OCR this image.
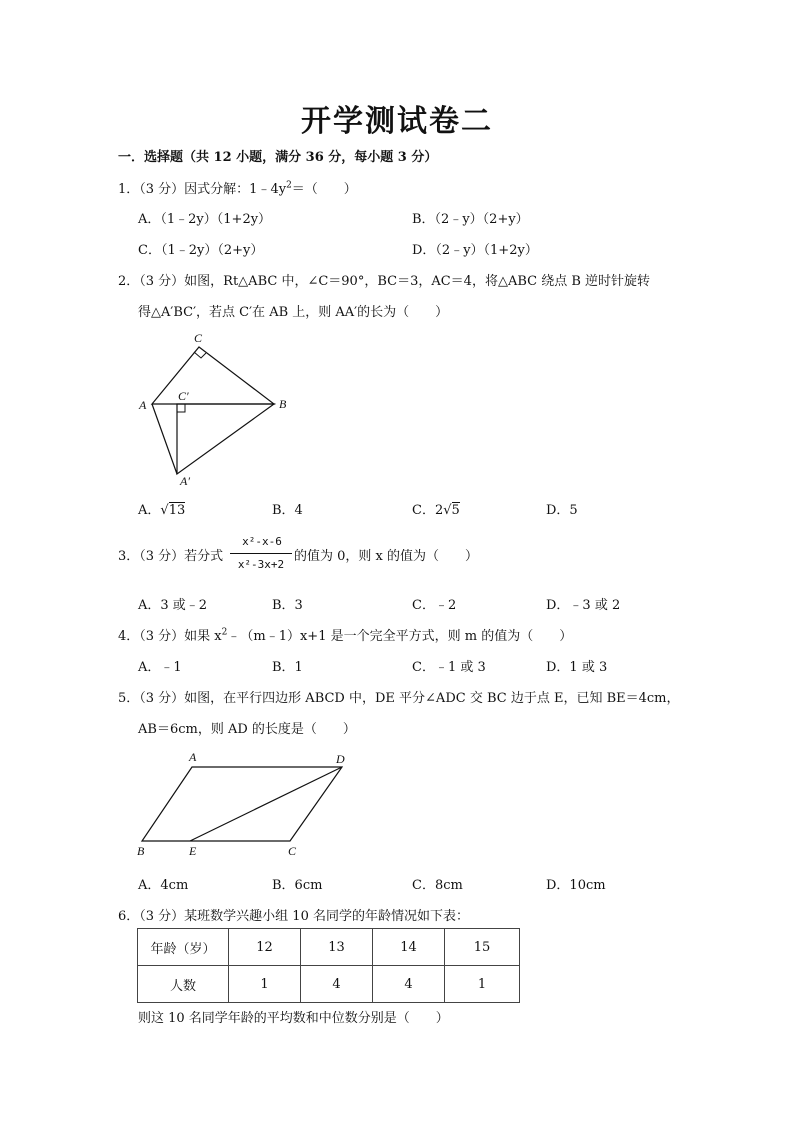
开学测试卷二
一．选择题（共 12 小题，满分 36 分，每小题 3 分）
1．（3 分）因式分解：$1﹣4y^2=$（　　）
A．（1﹣2y）（1+2y）	B．（2﹣y）（2+y）
C．（1﹣2y）（2+y）	D．（2﹣y）（1+2y）
2．（3 分）如图，Rt△ABC 中，∠C＝90°，BC＝3，AC＝4，将△ABC 绕点 B 逆时针旋转
得△A′BC′，若点 C′在 AB 上，则 AA′的长为（　　）
C
B
A
C′
A′
A．√13	B．4	C．2√5	D．5
3．（3 分）若分式
x²-x-6
x²-3x+2
的值为 0，则 x 的值为（　　）
A．3 或﹣2	B．3	C．﹣2	D．﹣3 或 2
4．（3 分）如果 $x^2﹣(m﹣1)x+1$ 是一个完全平方式，则 m 的值为（　　）
A．﹣1	B．1	C．﹣1 或 3	D．1 或 3
5．（3 分）如图，在平行四边形 ABCD 中，DE 平分∠ADC 交 BC 边于点 E，已知 BE＝4cm，
AB＝6cm，则 AD 的长度是（　　）
A	D
B	E	C
A．4cm	B．6cm	C．8cm	D．10cm
6．（3 分）某班数学兴趣小组 10 名同学的年龄情况如下表：
年龄（岁）	12	13	14	15
人数	1	4	4	1
则这 10 名同学年龄的平均数和中位数分别是（　　）
